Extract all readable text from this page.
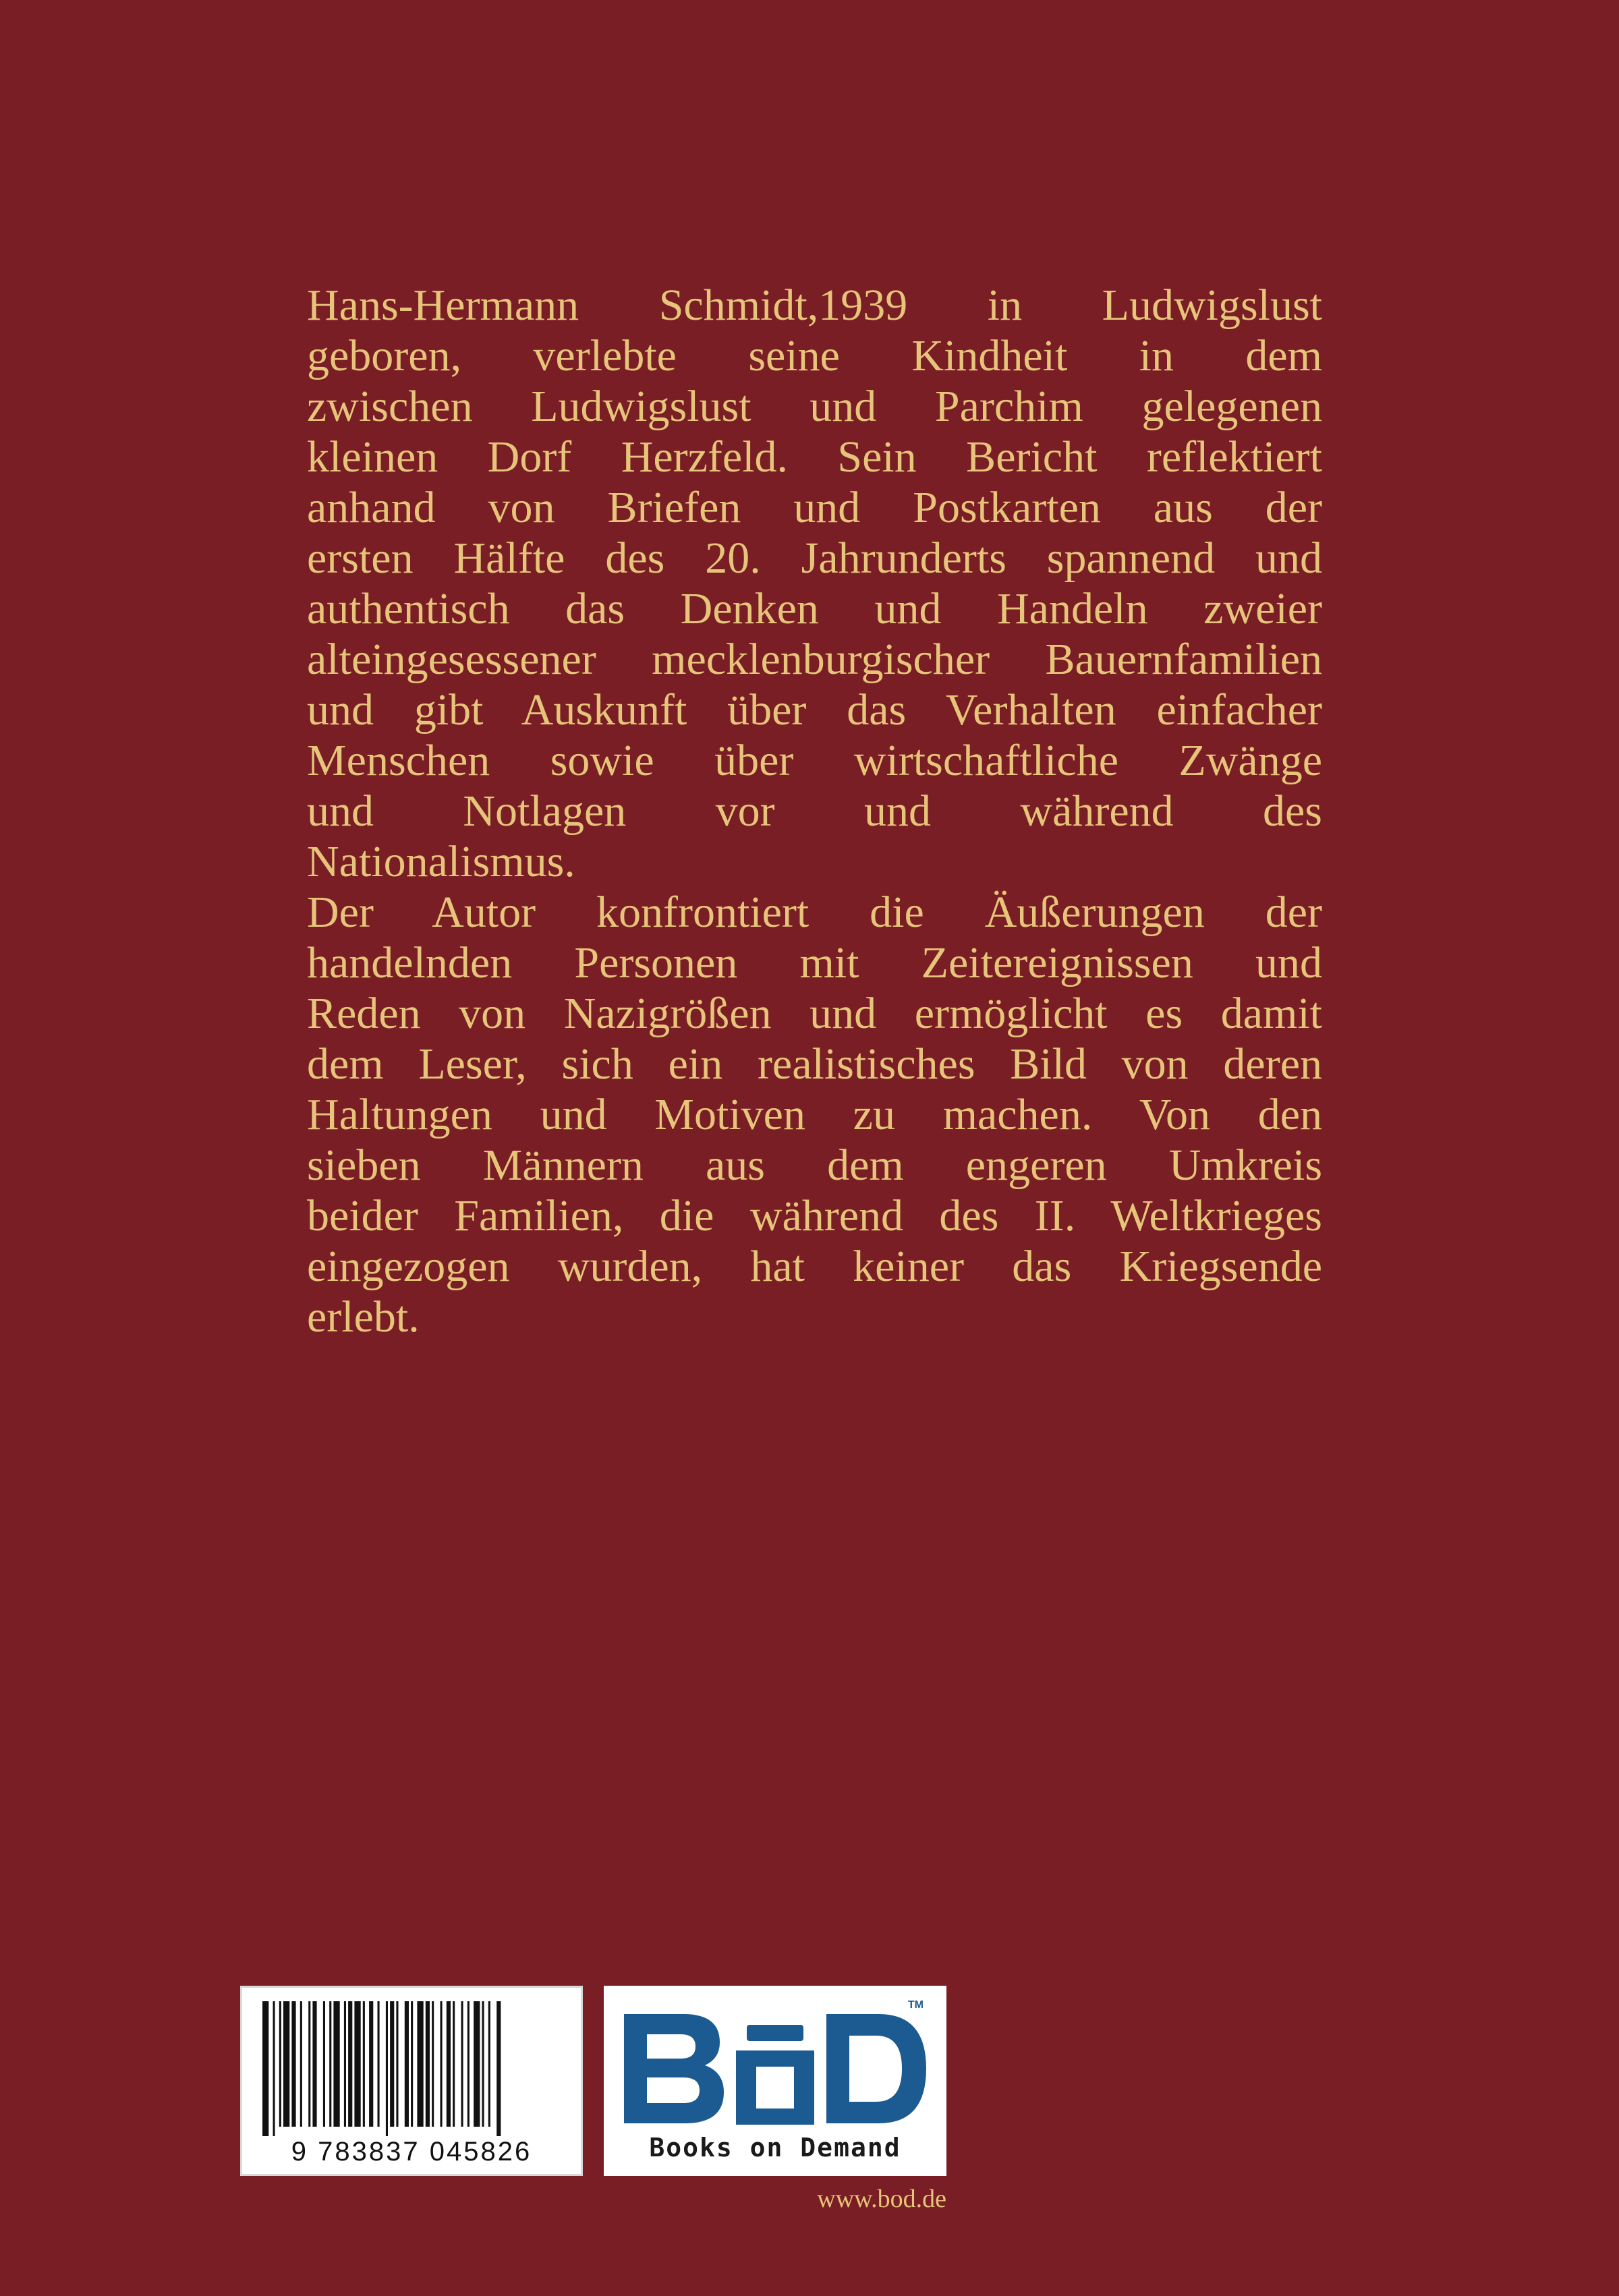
Hans-Hermann Schmidt,1939 in Ludwigslust
geboren, verlebte seine Kindheit in dem
zwischen Ludwigslust und Parchim gelegenen
kleinen Dorf Herzfeld. Sein Bericht reflektiert
anhand von Briefen und Postkarten aus der
ersten Hälfte des 20. Jahrunderts spannend und
authentisch das Denken und Handeln zweier
alteingesessener mecklenburgischer Bauernfamilien
und gibt Auskunft über das Verhalten einfacher
Menschen sowie über wirtschaftliche Zwänge
und Notlagen vor und während des
Nationalismus.

Der Autor konfrontiert die Äußerungen der
handelnden Personen mit Zeitereignissen und
Reden von Nazigrößen und ermöglicht es damit
dem Leser, sich ein realistisches Bild von deren
Haltungen und Motiven zu machen. Von den
sieben Männern aus dem engeren Umkreis
beider Familien, die während des II. Weltkrieges
eingezogen wurden, hat keiner das Kriegsende
erlebt.

9 783837 045826
TM
Books on Demand
www.bod.de
